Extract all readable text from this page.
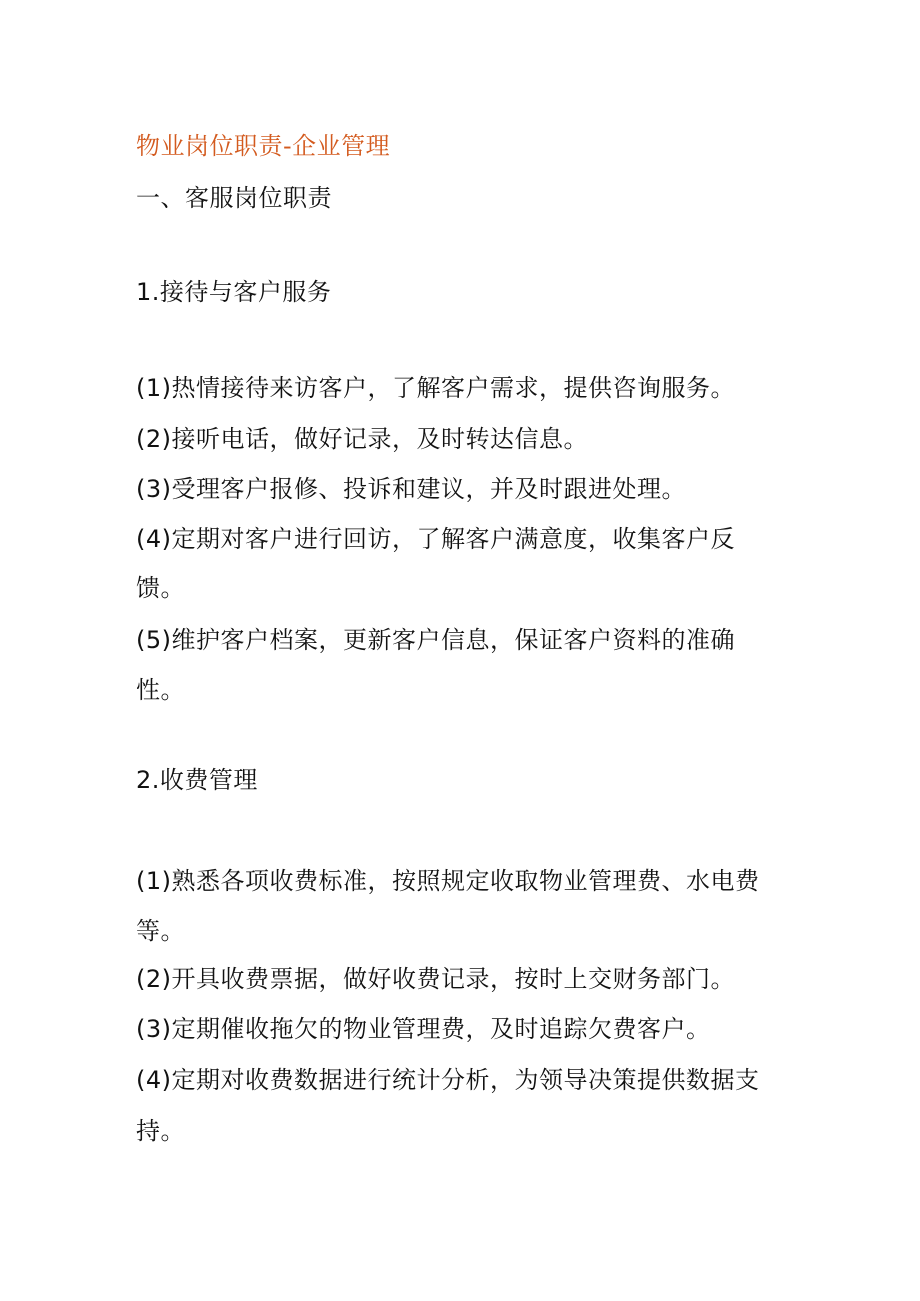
物业岗位职责-企业管理
一、客服岗位职责
1.接待与客户服务
(1)热情接待来访客户，了解客户需求，提供咨询服务。
(2)接听电话，做好记录，及时转达信息。
(3)受理客户报修、投诉和建议，并及时跟进处理。
(4)定期对客户进行回访，了解客户满意度，收集客户反
馈。
(5)维护客户档案，更新客户信息，保证客户资料的准确
性。
2.收费管理
(1)熟悉各项收费标准，按照规定收取物业管理费、水电费
等。
(2)开具收费票据，做好收费记录，按时上交财务部门。
(3)定期催收拖欠的物业管理费，及时追踪欠费客户。
(4)定期对收费数据进行统计分析，为领导决策提供数据支
持。
